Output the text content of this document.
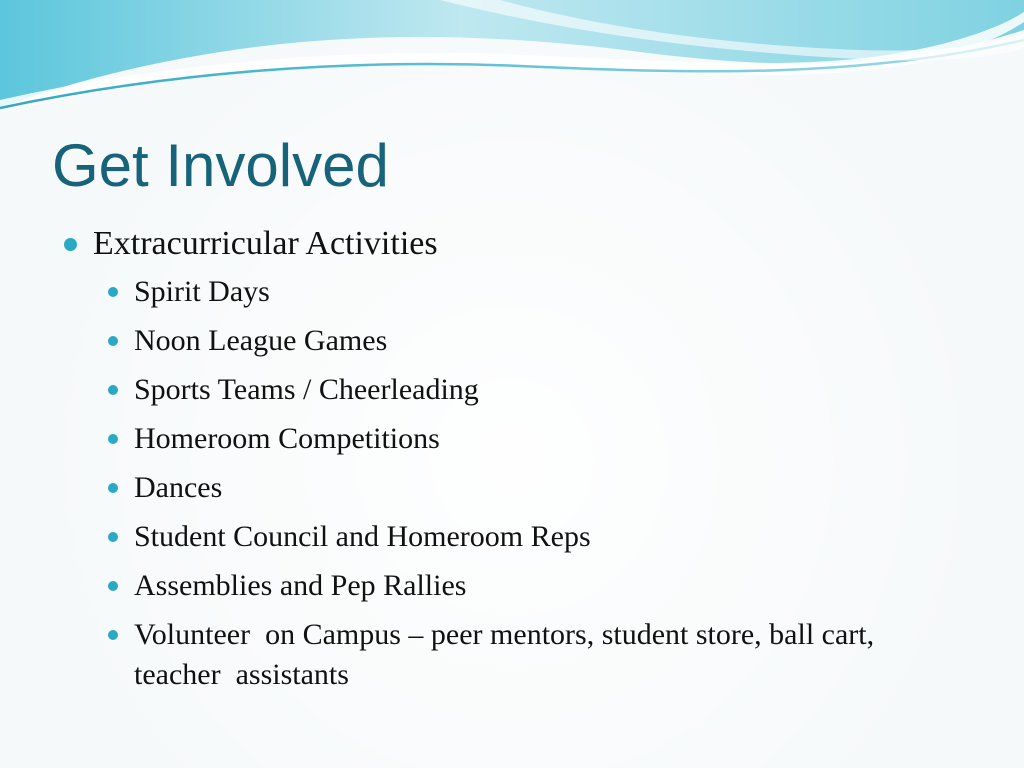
Get Involved
Extracurricular Activities
Spirit Days
Noon League Games
Sports Teams / Cheerleading
Homeroom Competitions
Dances
Student Council and Homeroom Reps
Assemblies and Pep Rallies
Volunteer  on Campus – peer mentors, student store, ball cart, teacher  assistants
